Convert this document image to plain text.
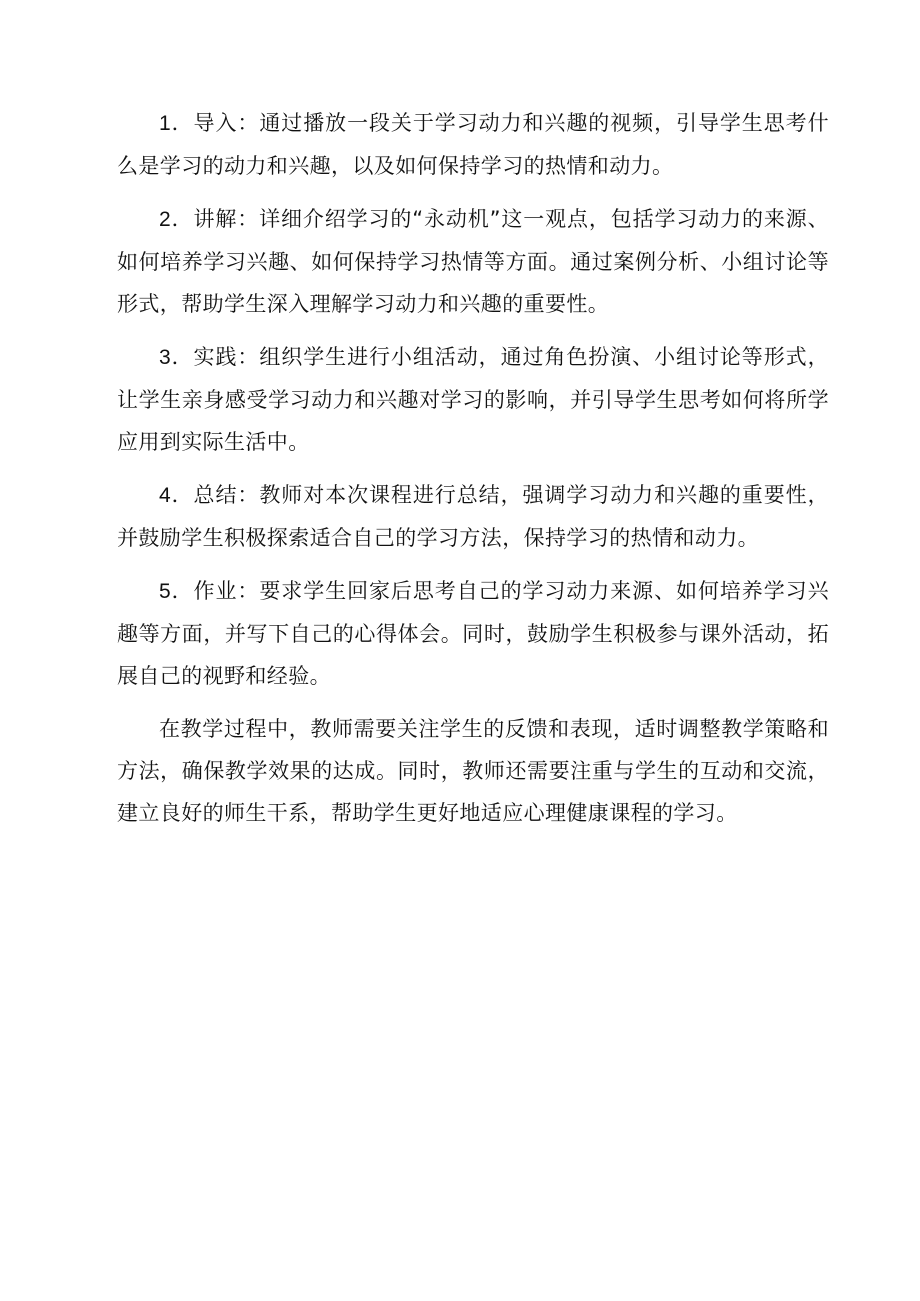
1．导入：通过播放一段关于学习动力和兴趣的视频，引导学生思考什么是学习的动力和兴趣，以及如何保持学习的热情和动力。

2．讲解：详细介绍学习的“永动机”这一观点，包括学习动力的来源、如何培养学习兴趣、如何保持学习热情等方面。通过案例分析、小组讨论等形式，帮助学生深入理解学习动力和兴趣的重要性。

3．实践：组织学生进行小组活动，通过角色扮演、小组讨论等形式，让学生亲身感受学习动力和兴趣对学习的影响，并引导学生思考如何将所学应用到实际生活中。

4．总结：教师对本次课程进行总结，强调学习动力和兴趣的重要性，并鼓励学生积极探索适合自己的学习方法，保持学习的热情和动力。

5．作业：要求学生回家后思考自己的学习动力来源、如何培养学习兴趣等方面，并写下自己的心得体会。同时，鼓励学生积极参与课外活动，拓展自己的视野和经验。

在教学过程中，教师需要关注学生的反馈和表现，适时调整教学策略和方法，确保教学效果的达成。同时，教师还需要注重与学生的互动和交流，建立良好的师生干系，帮助学生更好地适应心理健康课程的学习。
